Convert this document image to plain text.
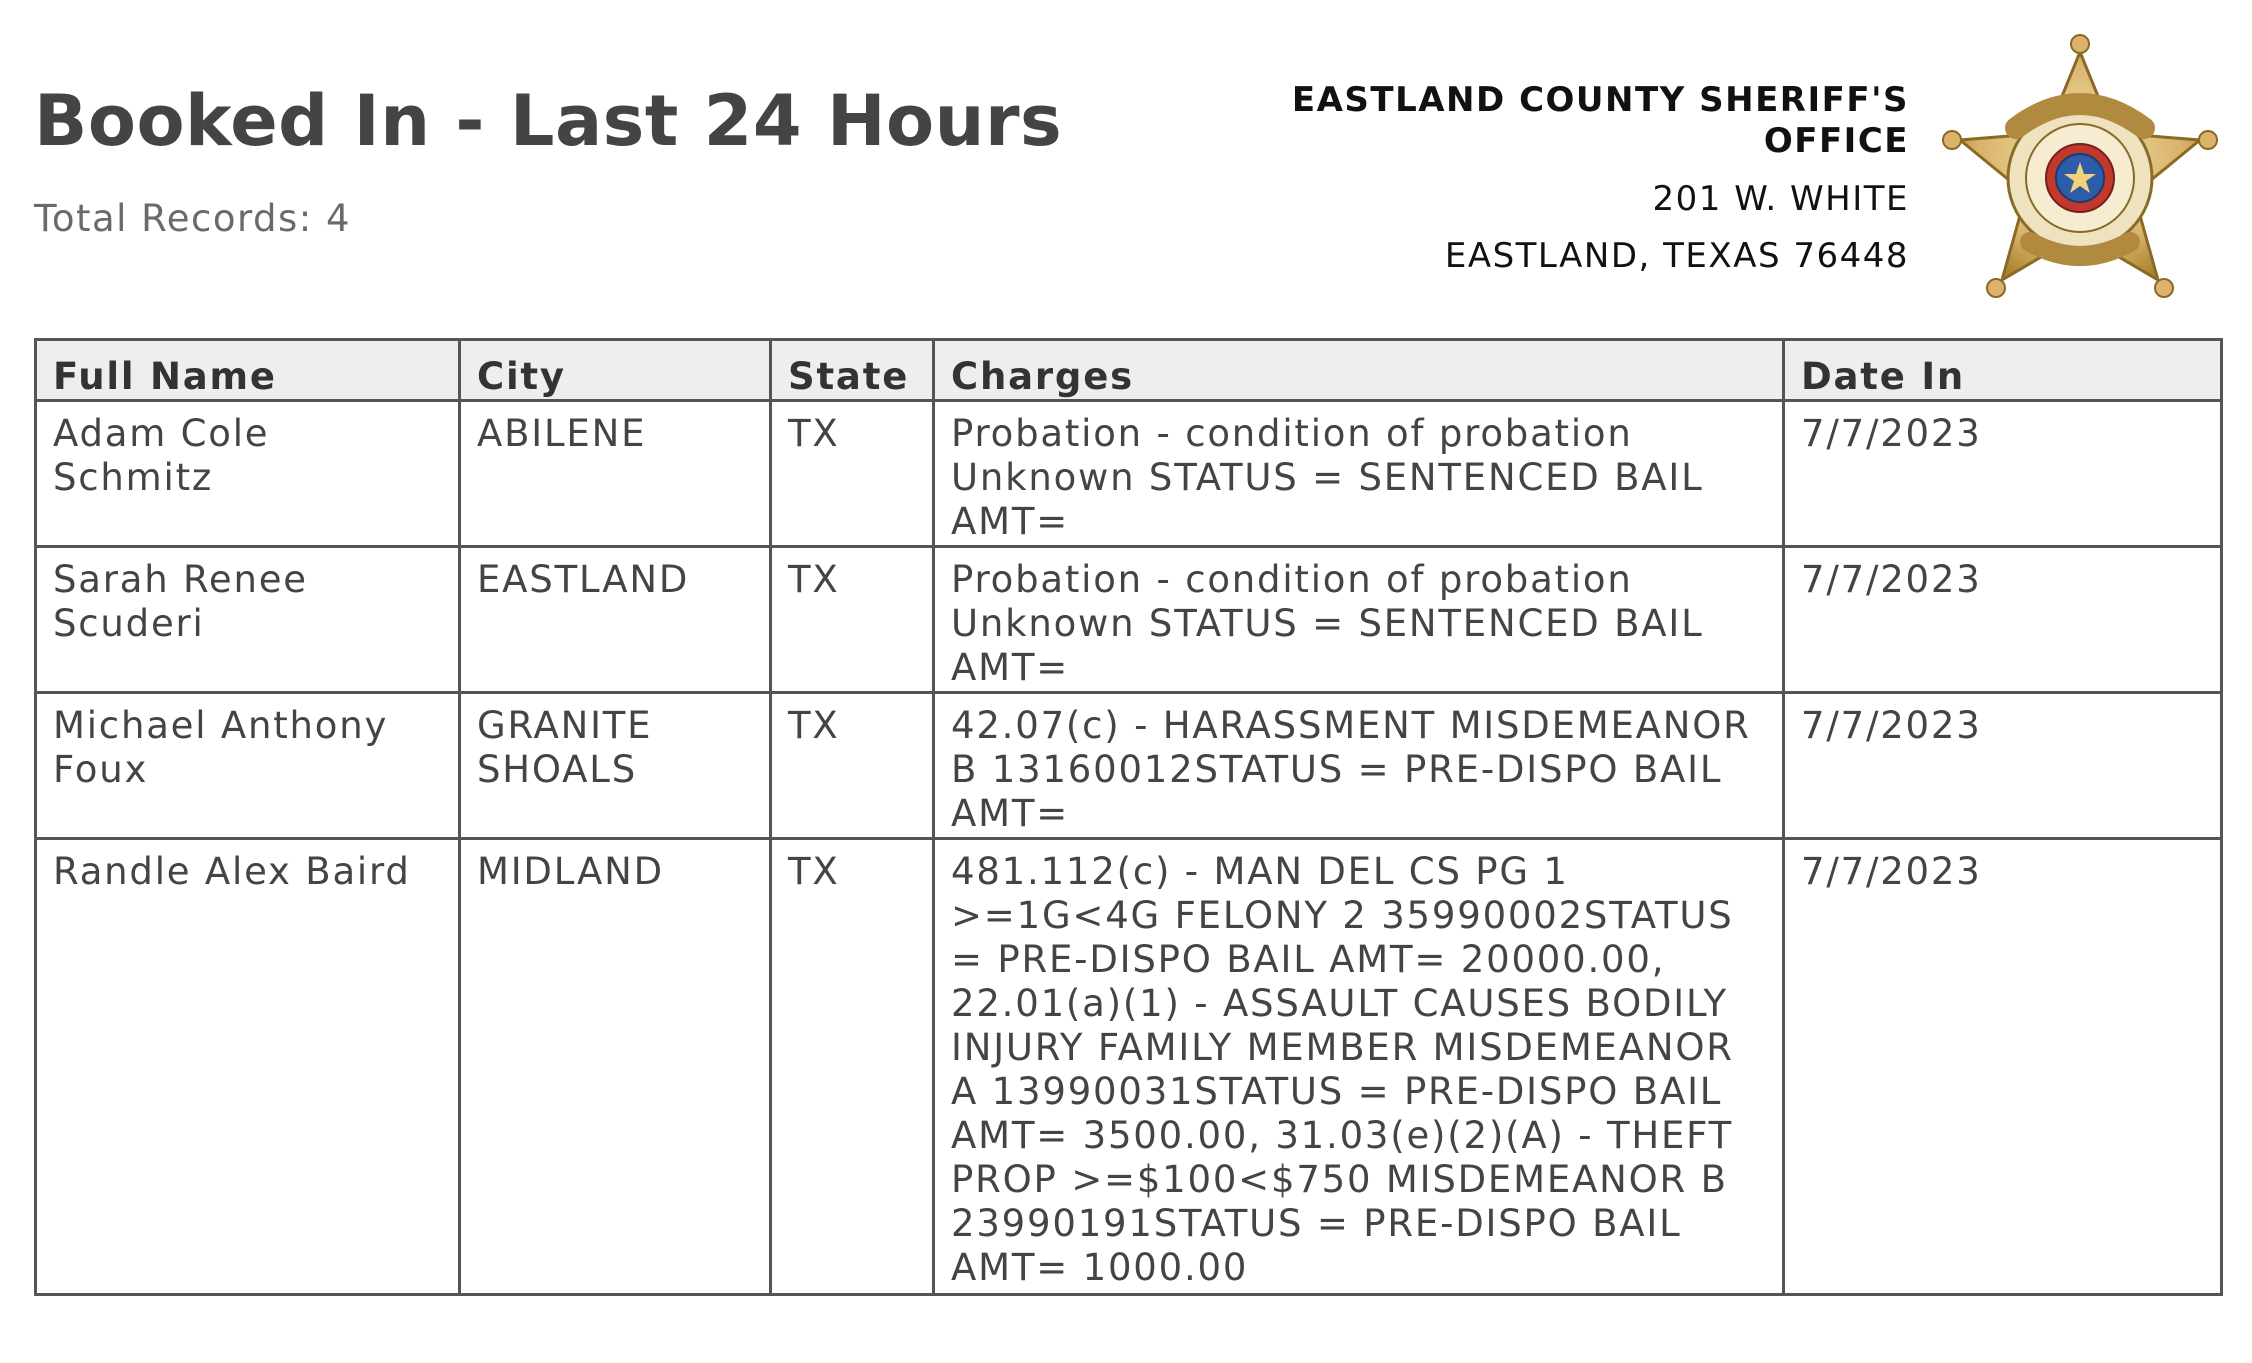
Booked In - Last 24 Hours
Total Records: 4
EASTLAND COUNTY SHERIFF'S OFFICE
201 W. WHITE
EASTLAND, TEXAS 76448
Full Name	City	State	Charges	Date In
Adam Cole Schmitz	ABILENE	TX	Probation - condition of probation Unknown STATUS = SENTENCED BAIL AMT=	7/7/2023
Sarah Renee Scuderi	EASTLAND	TX	Probation - condition of probation Unknown STATUS = SENTENCED BAIL AMT=	7/7/2023
Michael Anthony Foux	GRANITE SHOALS	TX	42.07(c) - HARASSMENT MISDEMEANOR B 13160012STATUS = PRE-DISPO BAIL AMT=	7/7/2023
Randle Alex Baird	MIDLAND	TX	481.112(c) - MAN DEL CS PG 1 >=1G<4G FELONY 2 35990002STATUS = PRE-DISPO BAIL AMT= 20000.00, 22.01(a)(1) - ASSAULT CAUSES BODILY INJURY FAMILY MEMBER MISDEMEANOR A 13990031STATUS = PRE-DISPO BAIL AMT= 3500.00, 31.03(e)(2)(A) - THEFT PROP >=$100<$750 MISDEMEANOR B 23990191STATUS = PRE-DISPO BAIL AMT= 1000.00	7/7/2023
